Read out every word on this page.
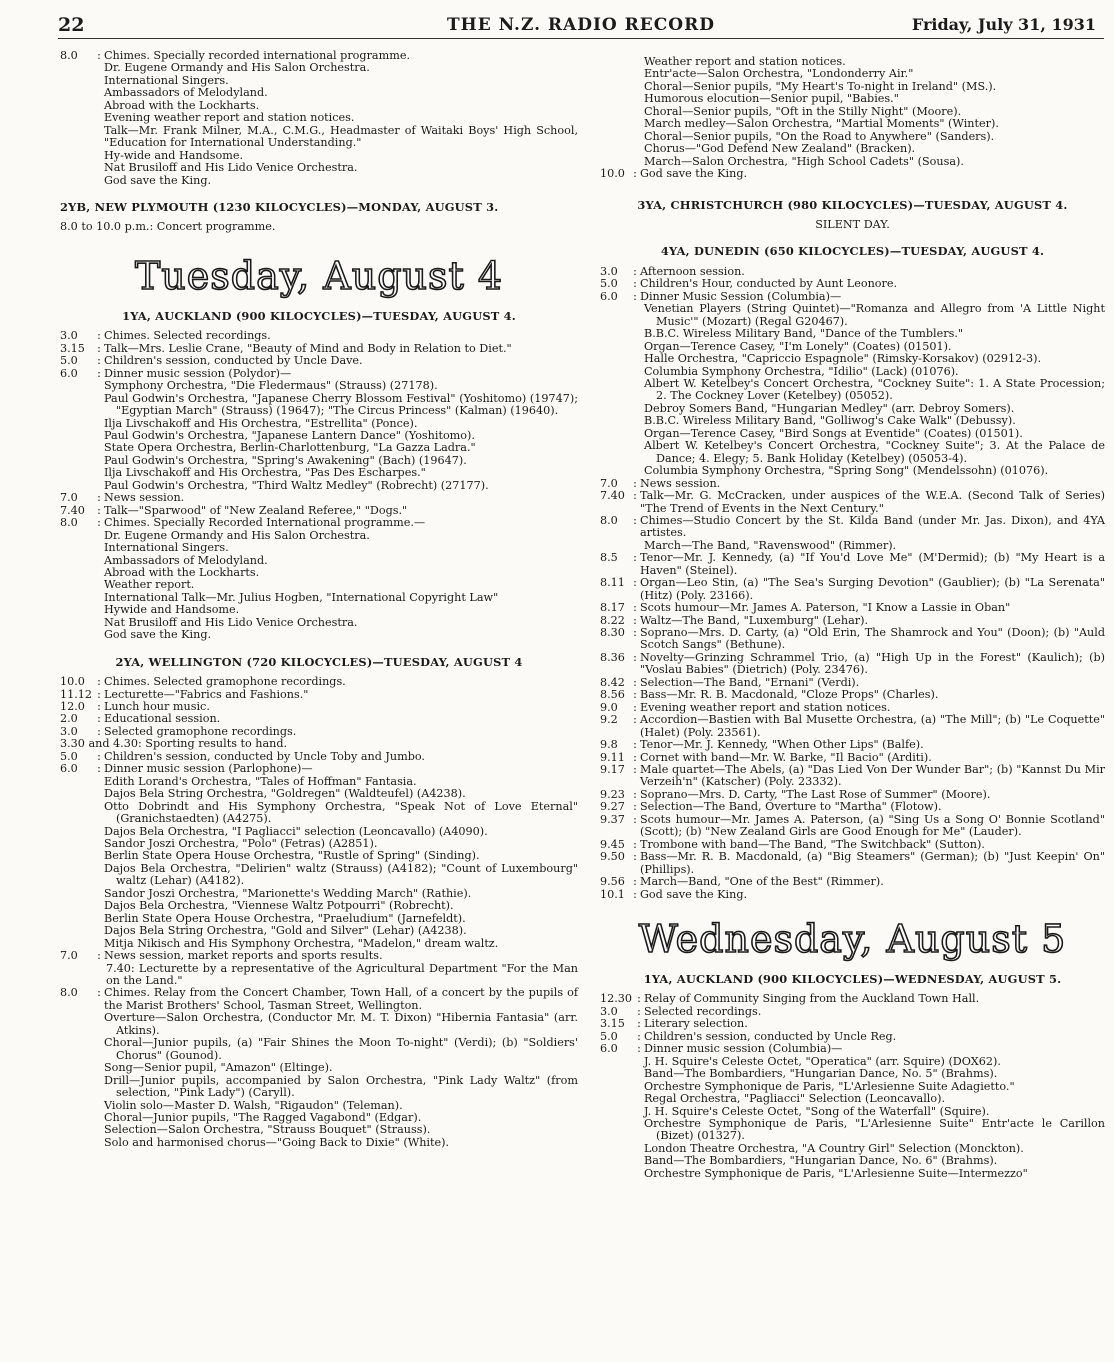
22	THE N.Z. RADIO RECORD	Friday, July 31, 1931
8.0	: Chimes. Specially recorded international programme.
Dr. Eugene Ormandy and His Salon Orchestra.
International Singers.
Ambassadors of Melodyland.
Abroad with the Lockharts.
Evening weather report and station notices.
Talk—Mr. Frank Milner, M.A., C.M.G., Headmaster of Waitaki Boys' High School, "Education for International Understanding."
Hy-wide and Handsome.
Nat Brusiloff and His Lido Venice Orchestra.
God save the King.
2YB, NEW PLYMOUTH (1230 KILOCYCLES)—MONDAY, AUGUST 3.
8.0 to 10.0 p.m.: Concert programme.
Tuesday, August 4
1YA, AUCKLAND (900 KILOCYCLES)—TUESDAY, AUGUST 4.
3.0	: Chimes. Selected recordings.
3.15	: Talk—Mrs. Leslie Crane, "Beauty of Mind and Body in Relation to Diet."
5.0	: Children's session, conducted by Uncle Dave.
6.0	: Dinner music session (Polydor)—
Symphony Orchestra, "Die Fledermaus" (Strauss) (27178).
Paul Godwin's Orchestra, "Japanese Cherry Blossom Festival" (Yoshitomo) (19747); "Egyptian March" (Strauss) (19647); "The Circus Princess" (Kalman) (19640).
Ilja Livschakoff and His Orchestra, "Estrellita" (Ponce).
Paul Godwin's Orchestra, "Japanese Lantern Dance" (Yoshitomo).
State Opera Orchestra, Berlin-Charlottenburg, "La Gazza Ladra."
Paul Godwin's Orchestra, "Spring's Awakening" (Bach) (19647).
Ilja Livschakoff and His Orchestra, "Pas Des Escharpes."
Paul Godwin's Orchestra, "Third Waltz Medley" (Robrecht) (27177).
7.0	: News session.
7.40	: Talk—"Sparwood" of "New Zealand Referee," "Dogs."
8.0	: Chimes. Specially Recorded International programme.—
Dr. Eugene Ormandy and His Salon Orchestra.
International Singers.
Ambassadors of Melodyland.
Abroad with the Lockharts.
Weather report.
International Talk—Mr. Julius Hogben, "International Copyright Law"
Hywide and Handsome.
Nat Brusiloff and His Lido Venice Orchestra.
God save the King.
2YA, WELLINGTON (720 KILOCYCLES)—TUESDAY, AUGUST 4
10.0	: Chimes. Selected gramophone recordings.
11.12 : Lecturette—"Fabrics and Fashions."
12.0	: Lunch hour music.
2.0	: Educational session.
3.0	: Selected gramophone recordings.
3.30 and 4.30: Sporting results to hand.
5.0	: Children's session, conducted by Uncle Toby and Jumbo.
6.0	: Dinner music session (Parlophone)—
Edith Lorand's Orchestra, "Tales of Hoffman" Fantasia.
Dajos Bela String Orchestra, "Goldregen" (Waldteufel) (A4238).
Otto Dobrindt and His Symphony Orchestra, "Speak Not of Love Eternal" (Granichstaedten) (A4275).
Dajos Bela Orchestra, "I Pagliacci" selection (Leoncavallo) (A4090).
Sandor Joszi Orchestra, "Polo" (Fetras) (A2851).
Berlin State Opera House Orchestra, "Rustle of Spring" (Sinding).
Dajos Bela Orchestra, "Delirien" waltz (Strauss) (A4182); "Count of Luxembourg" waltz (Lehar) (A4182).
Sandor Joszi Orchestra, "Marionette's Wedding March" (Rathie).
Dajos Bela Orchestra, "Viennese Waltz Potpourri" (Robrecht).
Berlin State Opera House Orchestra, "Praeludium" (Jarnefeldt).
Dajos Bela String Orchestra, "Gold and Silver" (Lehar) (A4238).
Mitja Nikisch and His Symphony Orchestra, "Madelon," dream waltz.
7.0	: News session, market reports and sports results.
7.40: Lecturette by a representative of the Agricultural Department "For the Man on the Land."
8.0	: Chimes. Relay from the Concert Chamber, Town Hall, of a concert by the pupils of the Marist Brothers' School, Tasman Street, Wellington.
Overture—Salon Orchestra, (Conductor Mr. M. T. Dixon) "Hibernia Fantasia" (arr. Atkins).
Choral—Junior pupils, (a) "Fair Shines the Moon To-night" (Verdi); (b) "Soldiers' Chorus" (Gounod).
Song—Senior pupil, "Amazon" (Eltinge).
Drill—Junior pupils, accompanied by Salon Orchestra, "Pink Lady Waltz" (from selection, "Pink Lady") (Caryll).
Violin solo—Master D. Walsh, "Rigaudon" (Teleman).
Choral—Junior pupils, "The Ragged Vagabond" (Edgar).
Selection—Salon Orchestra, "Strauss Bouquet" (Strauss).
Solo and harmonised chorus—"Going Back to Dixie" (White).
Weather report and station notices.
Entr'acte—Salon Orchestra, "Londonderry Air."
Choral—Senior pupils, "My Heart's To-night in Ireland" (MS.).
Humorous elocution—Senior pupil, "Babies."
Choral—Senior pupils, "Oft in the Stilly Night" (Moore).
March medley—Salon Orchestra, "Martial Moments" (Winter).
Choral—Senior pupils, "On the Road to Anywhere" (Sanders).
Chorus—"God Defend New Zealand" (Bracken).
March—Salon Orchestra, "High School Cadets" (Sousa).
10.0 : God save the King.
3YA, CHRISTCHURCH (980 KILOCYCLES)—TUESDAY, AUGUST 4.
SILENT DAY.
4YA, DUNEDIN (650 KILOCYCLES)—TUESDAY, AUGUST 4.
3.0	: Afternoon session.
5.0	: Children's Hour, conducted by Aunt Leonore.
6.0	: Dinner Music Session (Columbia)—
Venetian Players (String Quintet)—"Romanza and Allegro from 'A Little Night Music'" (Mozart) (Regal G20467).
B.B.C. Wireless Military Band, "Dance of the Tumblers."
Organ—Terence Casey, "I'm Lonely" (Coates) (01501).
Halle Orchestra, "Capriccio Espagnole" (Rimsky-Korsakov) (02912-3).
Columbia Symphony Orchestra, "Idilio" (Lack) (01076).
Albert W. Ketelbey's Concert Orchestra, "Cockney Suite": 1. A State Procession; 2. The Cockney Lover (Ketelbey) (05052).
Debroy Somers Band, "Hungarian Medley" (arr. Debroy Somers).
B.B.C. Wireless Military Band, "Golliwog's Cake Walk" (Debussy).
Organ—Terence Casey, "Bird Songs at Eventide" (Coates) (01501).
Albert W. Ketelbey's Concert Orchestra, "Cockney Suite"; 3. At the Palace de Dance; 4. Elegy; 5. Bank Holiday (Ketelbey) (05053-4).
Columbia Symphony Orchestra, "Spring Song" (Mendelssohn) (01076).
7.0	: News session.
7.40 : Talk—Mr. G. McCracken, under auspices of the W.E.A. (Second Talk of Series) "The Trend of Events in the Next Century."
8.0	: Chimes—Studio Concert by the St. Kilda Band (under Mr. Jas. Dixon), and 4YA artistes.
March—The Band, "Ravenswood" (Rimmer).
8.5	: Tenor—Mr. J. Kennedy, (a) "If You'd Love Me" (M'Dermid); (b) "My Heart is a Haven" (Steinel).
8.11 : Organ—Leo Stin, (a) "The Sea's Surging Devotion" (Gaublier); (b) "La Serenata" (Hitz) (Poly. 23166).
8.17 : Scots humour—Mr. James A. Paterson, "I Know a Lassie in Oban"
8.22 : Waltz—The Band, "Luxemburg" (Lehar).
8.30 : Soprano—Mrs. D. Carty, (a) "Old Erin, The Shamrock and You" (Doon); (b) "Auld Scotch Sangs" (Bethune).
8.36 : Novelty—Grinzing Schrammel Trio, (a) "High Up in the Forest" (Kaulich); (b) "Voslau Babies" (Dietrich) (Poly. 23476).
8.42 : Selection—The Band, "Ernani" (Verdi).
8.56 : Bass—Mr. R. B. Macdonald, "Cloze Props" (Charles).
9.0	: Evening weather report and station notices.
9.2	: Accordion—Bastien with Bal Musette Orchestra, (a) "The Mill"; (b) "Le Coquette" (Halet) (Poly. 23561).
9.8	: Tenor—Mr. J. Kennedy, "When Other Lips" (Balfe).
9.11 : Cornet with band—Mr. W. Barke, "Il Bacio" (Arditi).
9.17 : Male quartet—The Abels, (a) "Das Lied Von Der Wunder Bar"; (b) "Kannst Du Mir Verzeih'n" (Katscher) (Poly. 23332).
9.23 : Soprano—Mrs. D. Carty, "The Last Rose of Summer" (Moore).
9.27 : Selection—The Band, Overture to "Martha" (Flotow).
9.37 : Scots humour—Mr. James A. Paterson, (a) "Sing Us a Song O' Bonnie Scotland" (Scott); (b) "New Zealand Girls are Good Enough for Me" (Lauder).
9.45 : Trombone with band—The Band, "The Switchback" (Sutton).
9.50 : Bass—Mr. R. B. Macdonald, (a) "Big Steamers" (German); (b) "Just Keepin' On" (Phillips).
9.56 : March—Band, "One of the Best" (Rimmer).
10.1 : God save the King.
Wednesday, August 5
1YA, AUCKLAND (900 KILOCYCLES)—WEDNESDAY, AUGUST 5.
12.30 : Relay of Community Singing from the Auckland Town Hall.
3.0	: Selected recordings.
3.15	: Literary selection.
5.0	: Children's session, conducted by Uncle Reg.
6.0	: Dinner music session (Columbia)—
J. H. Squire's Celeste Octet, "Operatica" (arr. Squire) (DOX62).
Band—The Bombardiers, "Hungarian Dance, No. 5" (Brahms).
Orchestre Symphonique de Paris, "L'Arlesienne Suite Adagietto."
Regal Orchestra, "Pagliacci" Selection (Leoncavallo).
J. H. Squire's Celeste Octet, "Song of the Waterfall" (Squire).
Orchestre Symphonique de Paris, "L'Arlesienne Suite" Entr'acte le Carillon (Bizet) (01327).
London Theatre Orchestra, "A Country Girl" Selection (Monckton).
Band—The Bombardiers, "Hungarian Dance, No. 6" (Brahms).
Orchestre Symphonique de Paris, "L'Arlesienne Suite—Intermezzo"
